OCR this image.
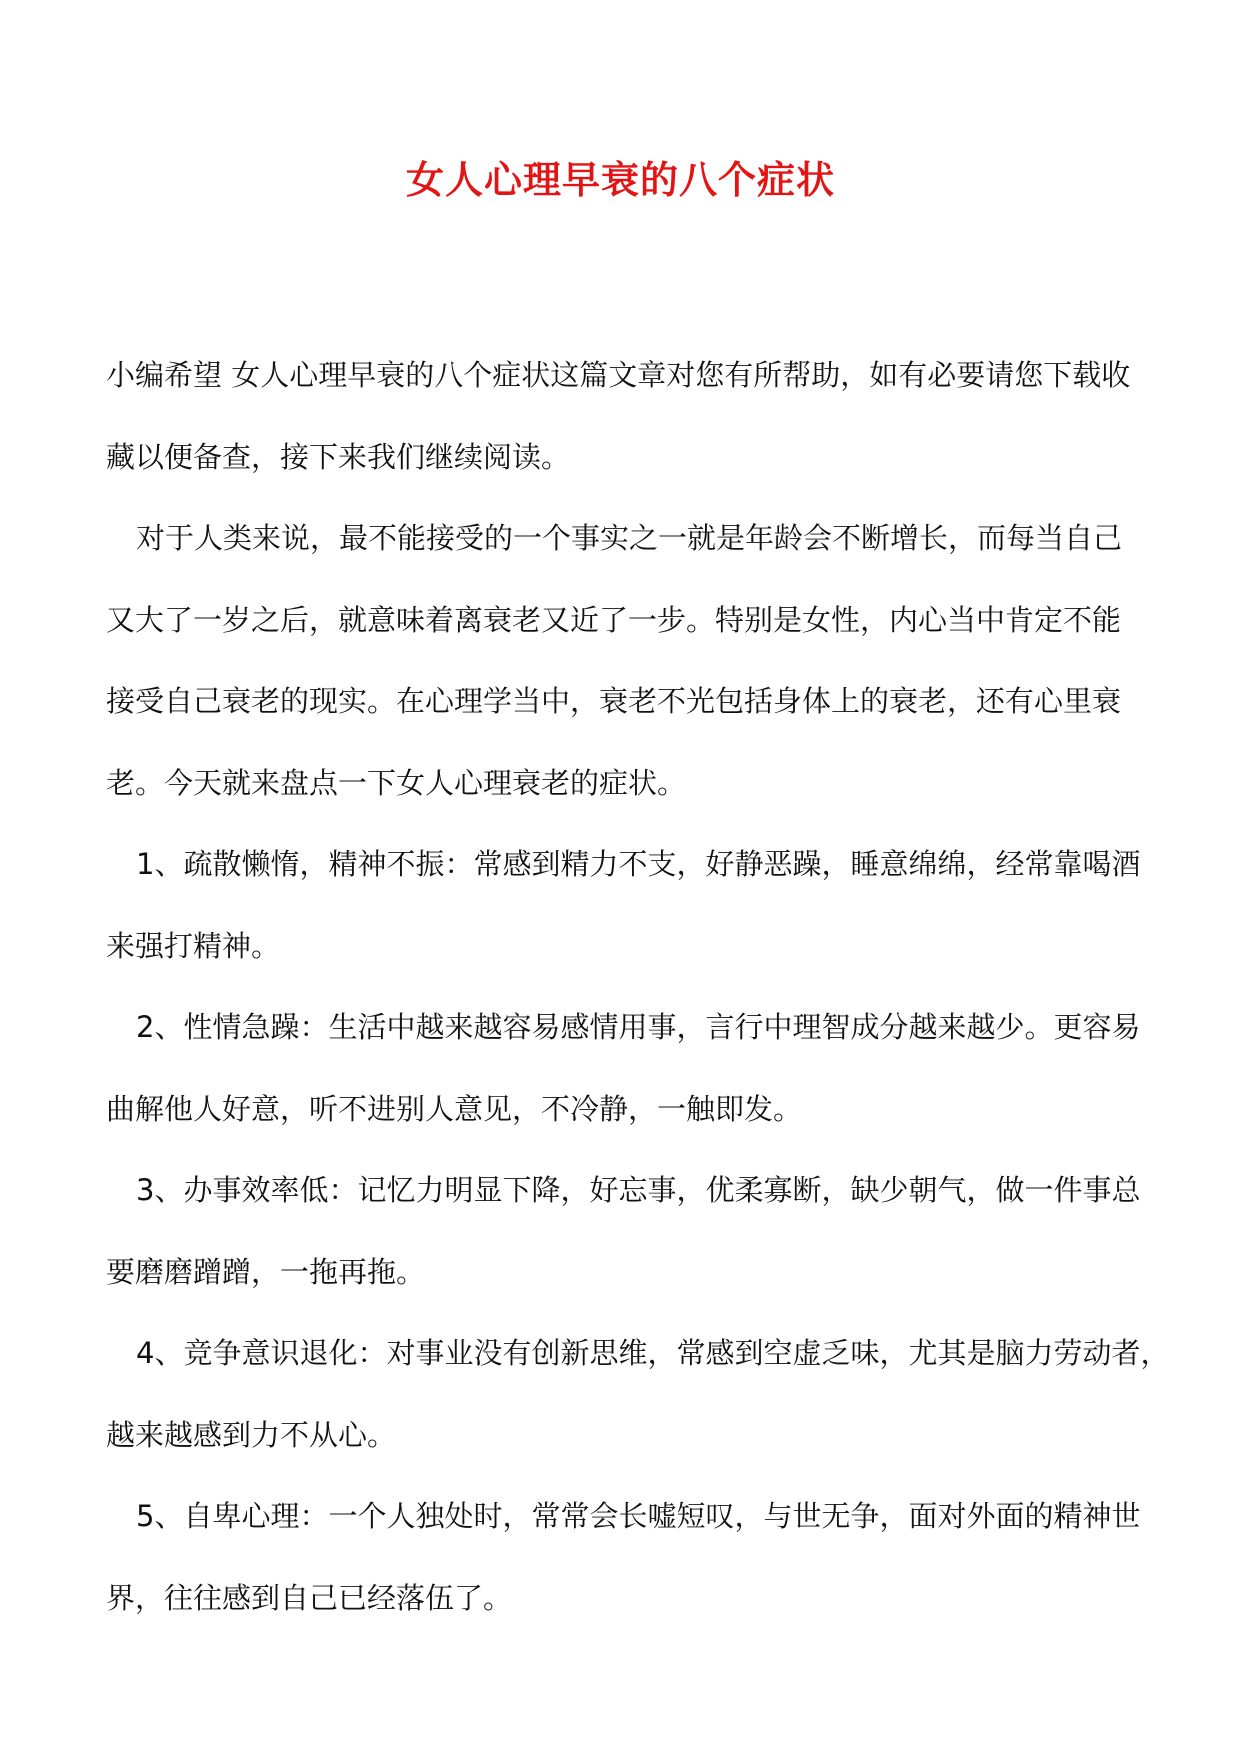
女人心理早衰的八个症状

小编希望 女人心理早衰的八个症状这篇文章对您有所帮助，如有必要请您下载收

藏以便备查，接下来我们继续阅读。

对于人类来说，最不能接受的一个事实之一就是年龄会不断增长，而每当自己

又大了一岁之后，就意味着离衰老又近了一步。特别是女性，内心当中肯定不能

接受自己衰老的现实。在心理学当中，衰老不光包括身体上的衰老，还有心里衰

老。今天就来盘点一下女人心理衰老的症状。

1、疏散懒惰，精神不振：常感到精力不支，好静恶躁，睡意绵绵，经常靠喝酒

来强打精神。

2、性情急躁：生活中越来越容易感情用事，言行中理智成分越来越少。更容易

曲解他人好意，听不进别人意见，不冷静，一触即发。

3、办事效率低：记忆力明显下降，好忘事，优柔寡断，缺少朝气，做一件事总

要磨磨蹭蹭，一拖再拖。

4、竞争意识退化：对事业没有创新思维，常感到空虚乏味，尤其是脑力劳动者，

越来越感到力不从心。

5、自卑心理：一个人独处时，常常会长嘘短叹，与世无争，面对外面的精神世

界，往往感到自己已经落伍了。
